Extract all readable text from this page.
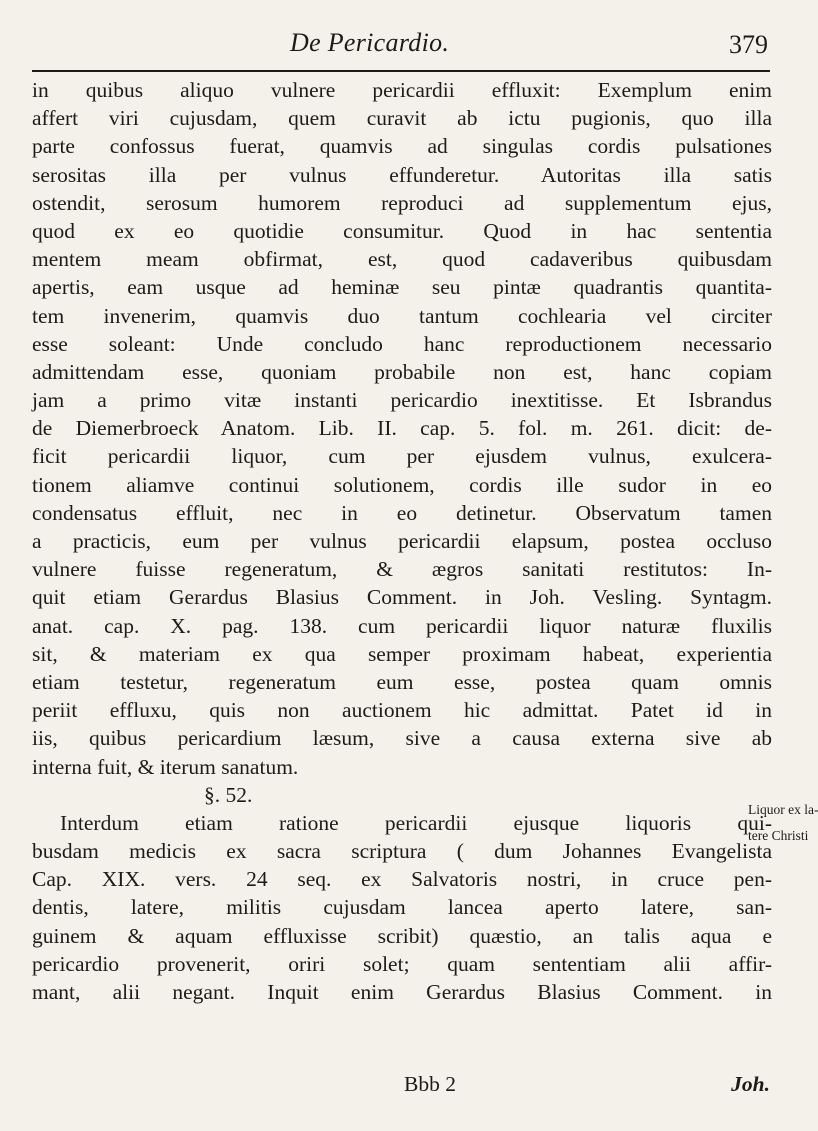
De Pericardio.	379
in quibus aliquo vulnere pericardii effluxit: Exemplum enim
affert viri cujusdam, quem curavit ab ictu pugionis, quo illa
parte confossus fuerat, quamvis ad singulas cordis pulsationes
serositas illa per vulnus effunderetur. Autoritas illa satis
ostendit, serosum humorem reproduci ad supplementum ejus,
quod ex eo quotidie consumitur. Quod in hac sententia
mentem meam obfirmat, est, quod cadaveribus quibusdam
apertis, eam usque ad heminæ seu pintæ quadrantis quantita-
tem invenerim, quamvis duo tantum cochlearia vel circiter
esse soleant: Unde concludo hanc reproductionem necessario
admittendam esse, quoniam probabile non est, hanc copiam
jam a primo vitæ instanti pericardio inextitisse. Et Isbrandus
de Diemerbroeck Anatom. Lib. II. cap. 5. fol. m. 261. dicit: de-
ficit pericardii liquor, cum per ejusdem vulnus, exulcera-
tionem aliamve continui solutionem, cordis ille sudor in eo
condensatus effluit, nec in eo detinetur. Observatum tamen
a practicis, eum per vulnus pericardii elapsum, postea occluso
vulnere fuisse regeneratum, & ægros sanitati restitutos: In-
quit etiam Gerardus Blasius Comment. in Joh. Vesling. Syntagm.
anat. cap. X. pag. 138. cum pericardii liquor naturæ fluxilis
sit, & materiam ex qua semper proximam habeat, experientia
etiam testetur, regeneratum eum esse, postea quam omnis
periit effluxu, quis non auctionem hic admittat. Patet id in
iis, quibus pericardium læsum, sive a causa externa sive ab
interna fuit, & iterum sanatum.
§. 52.
Interdum etiam ratione pericardii ejusque liquoris qui-
busdam medicis ex sacra scriptura ( dum Johannes Evangelista
Cap. XIX. vers. 24 seq. ex Salvatoris nostri, in cruce pen-
dentis, latere, militis cujusdam lancea aperto latere, san-
guinem & aquam effluxisse scribit) quæstio, an talis aqua e
pericardio provenerit, oriri solet; quam sententiam alii affir-
mant, alii negant. Inquit enim Gerardus Blasius Comment. in
Liquor ex la-
tere Christi
Bbb 2	Joh.
